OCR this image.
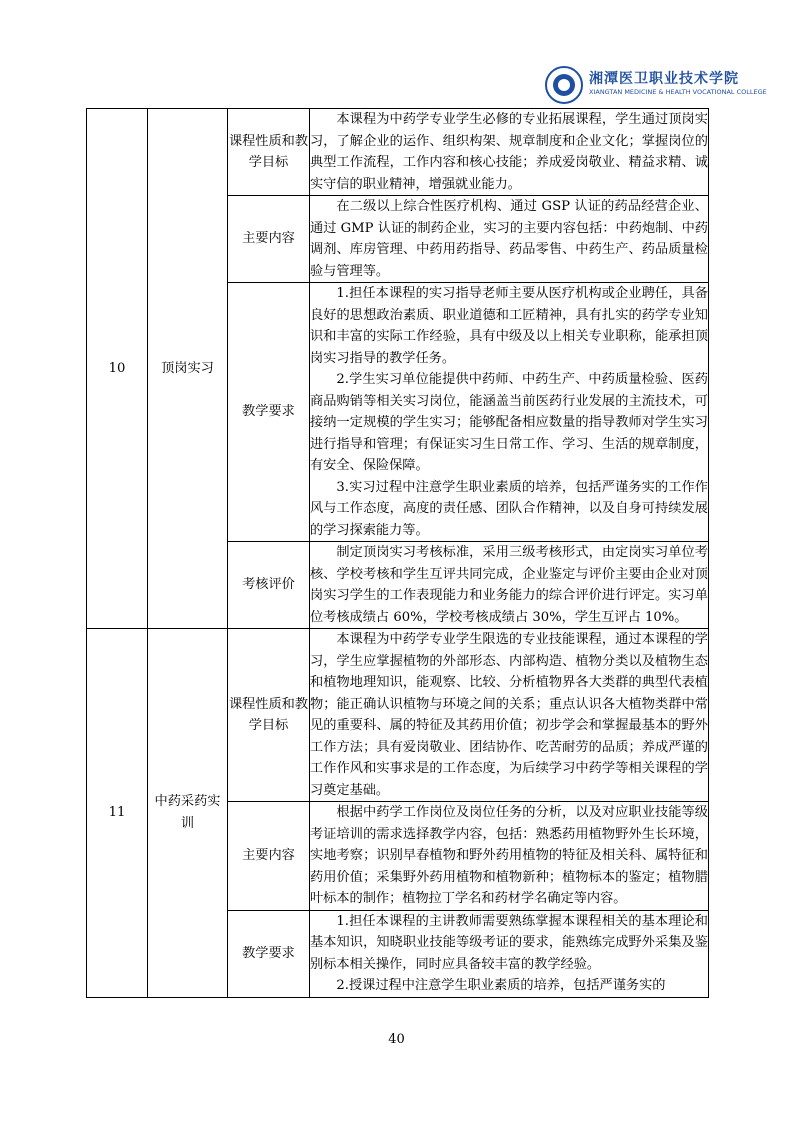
湘潭医卫职业技术学院
XIANGTAN MEDICINE & HEALTH VOCATIONAL COLLEGE
10	顶岗实习	课程性质和教学目标	本课程为中药学专业学生必修的专业拓展课程，学生通过顶岗实习，了解企业的运作、组织构架、规章制度和企业文化；掌握岗位的典型工作流程，工作内容和核心技能；养成爱岗敬业、精益求精、诚实守信的职业精神，增强就业能力。

		主要内容	在二级以上综合性医疗机构、通过 GSP 认证的药品经营企业、通过 GMP 认证的制药企业，实习的主要内容包括：中药炮制、中药调剂、库房管理、中药用药指导、药品零售、中药生产、药品质量检验与管理等。

		教学要求	1.担任本课程的实习指导老师主要从医疗机构或企业聘任，具备良好的思想政治素质、职业道德和工匠精神，具有扎实的药学专业知识和丰富的实际工作经验，具有中级及以上相关专业职称，能承担顶岗实习指导的教学任务。

2.学生实习单位能提供中药师、中药生产、中药质量检验、医药商品购销等相关实习岗位，能涵盖当前医药行业发展的主流技术，可接纳一定规模的学生实习；能够配备相应数量的指导教师对学生实习进行指导和管理；有保证实习生日常工作、学习、生活的规章制度，有安全、保险保障。

3.实习过程中注意学生职业素质的培养，包括严谨务实的工作作风与工作态度，高度的责任感、团队合作精神，以及自身可持续发展的学习探索能力等。

		考核评价	制定顶岗实习考核标准，采用三级考核形式，由定岗实习单位考核、学校考核和学生互评共同完成，企业鉴定与评价主要由企业对顶岗实习学生的工作表现能力和业务能力的综合评价进行评定。实习单位考核成绩占 60%，学校考核成绩占 30%，学生互评占 10%。

11	中药采药实训	课程性质和教学目标	本课程为中药学专业学生限选的专业技能课程，通过本课程的学习，学生应掌握植物的外部形态、内部构造、植物分类以及植物生态和植物地理知识，能观察、比较、分析植物界各大类群的典型代表植物；能正确认识植物与环境之间的关系；重点认识各大植物类群中常见的重要科、属的特征及其药用价值；初步学会和掌握最基本的野外工作方法；具有爱岗敬业、团结协作、吃苦耐劳的品质；养成严谨的工作作风和实事求是的工作态度，为后续学习中药学等相关课程的学习奠定基础。

		主要内容	根据中药学工作岗位及岗位任务的分析，以及对应职业技能等级考证培训的需求选择教学内容，包括：熟悉药用植物野外生长环境，实地考察；识别早春植物和野外药用植物的特征及相关科、属特征和药用价值；采集野外药用植物和植物新种；植物标本的鉴定；植物腊叶标本的制作；植物拉丁学名和药材学名确定等内容。

		教学要求	1.担任本课程的主讲教师需要熟练掌握本课程相关的基本理论和基本知识，知晓职业技能等级考证的要求，能熟练完成野外采集及鉴别标本相关操作，同时应具备较丰富的教学经验。

2.授课过程中注意学生职业素质的培养，包括严谨务实的

40
